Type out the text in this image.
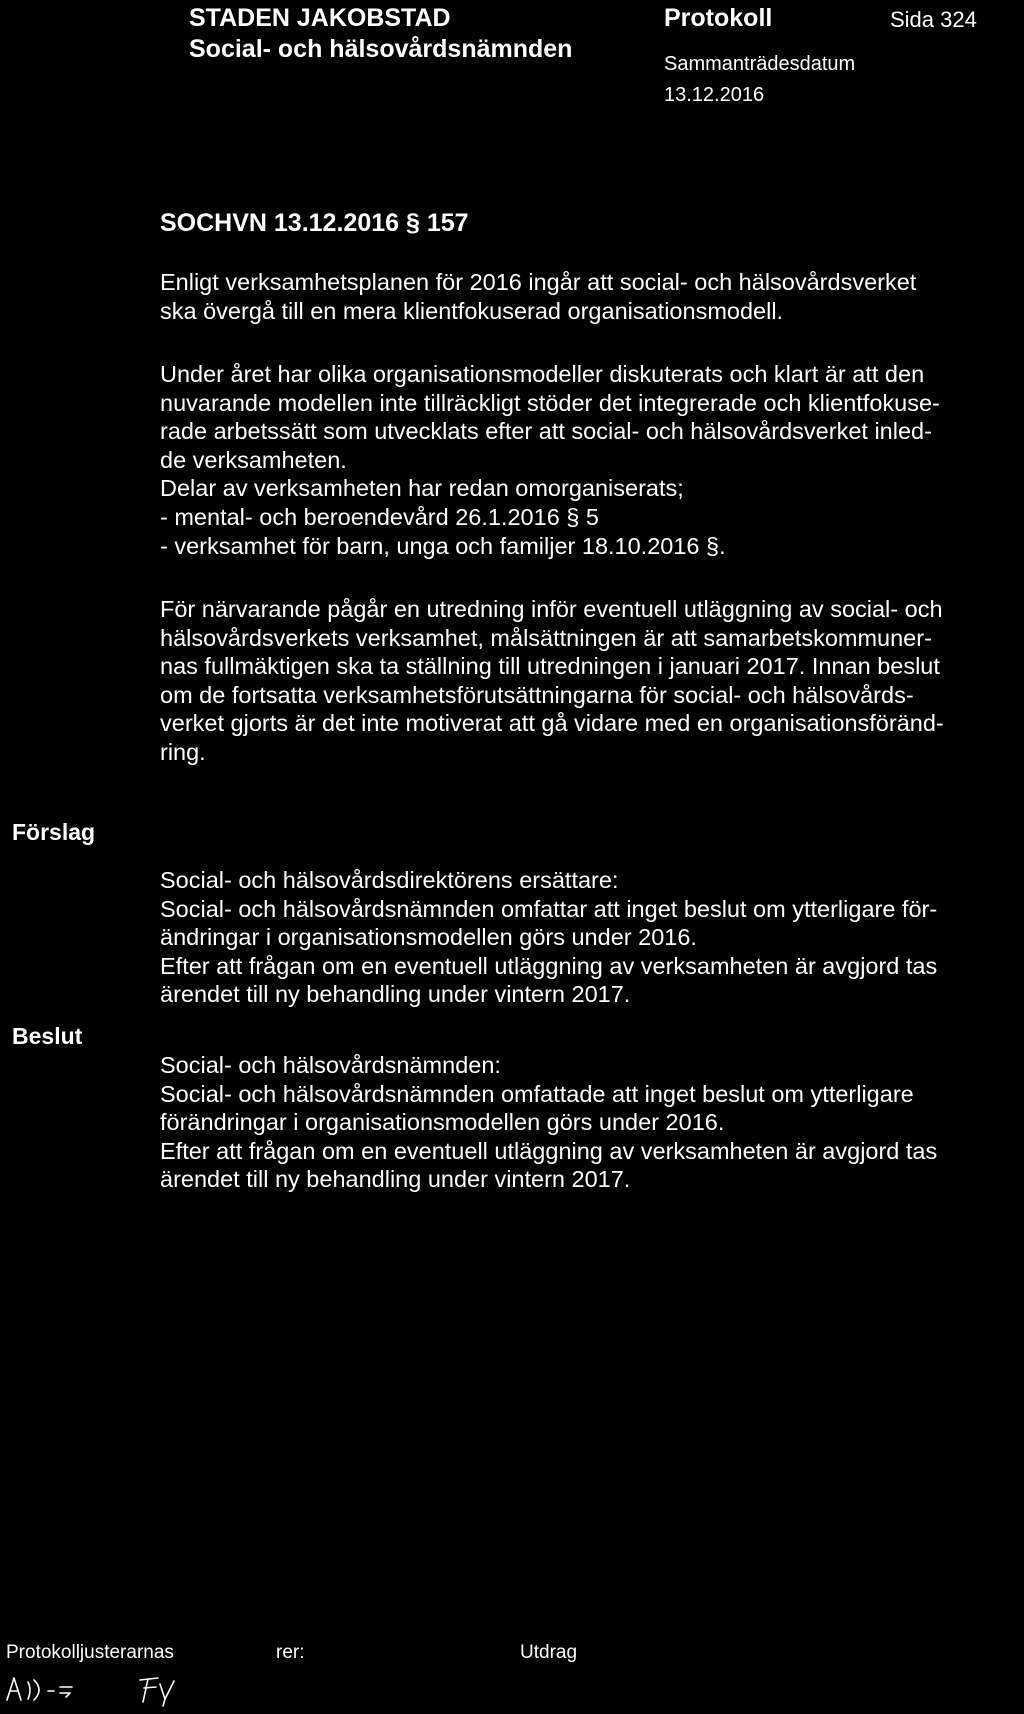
STADEN JAKOBSTAD
Social- och hälsovårdsnämnden
Protokoll	Sida 324
Sammanträdesdatum
13.12.2016
SOCHVN 13.12.2016 § 157

Enligt verksamhetsplanen för 2016 ingår att social- och hälsovårdsverket

ska övergå till en mera klientfokuserad organisationsmodell.

Under året har olika organisationsmodeller diskuterats och klart är att den

nuvarande modellen inte tillräckligt stöder det integrerade och klientfokuse-

rade arbetssätt som utvecklats efter att social- och hälsovårdsverket inled-

de verksamheten.

Delar av verksamheten har redan omorganiserats;

- mental- och beroendevård 26.1.2016 § 5

- verksamhet för barn, unga och familjer 18.10.2016 §.

För närvarande pågår en utredning inför eventuell utläggning av social- och

hälsovårdsverkets verksamhet, målsättningen är att samarbetskommuner-

nas fullmäktigen ska ta ställning till utredningen i januari 2017. Innan beslut

om de fortsatta verksamhetsförutsättningarna för social- och hälsovårds-

verket gjorts är det inte motiverat att gå vidare med en organisationsföränd-

ring.

Förslag

Social- och hälsovårdsdirektörens ersättare:

Social- och hälsovårdsnämnden omfattar att inget beslut om ytterligare för-

ändringar i organisationsmodellen görs under 2016.

Efter att frågan om en eventuell utläggning av verksamheten är avgjord tas

ärendet till ny behandling under vintern 2017.

Beslut

Social- och hälsovårdsnämnden:

Social- och hälsovårdsnämnden omfattade att inget beslut om ytterligare

förändringar i organisationsmodellen görs under 2016.

Efter att frågan om en eventuell utläggning av verksamheten är avgjord tas

ärendet till ny behandling under vintern 2017.

Protokolljusterarnas	rer:	Utdrag
